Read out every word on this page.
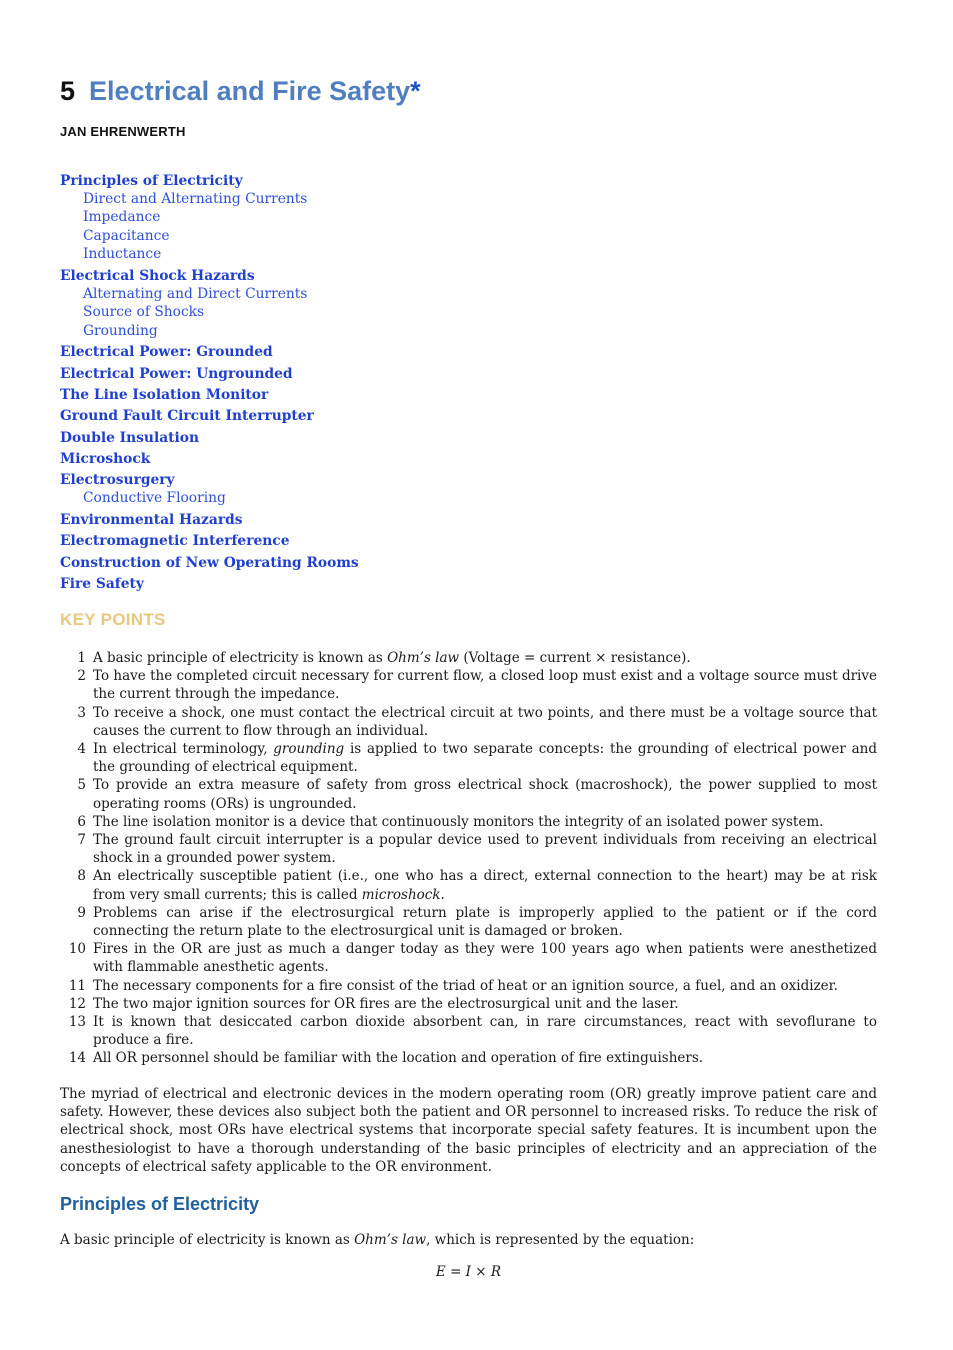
5 Electrical and Fire Safety*
JAN EHRENWERTH
Principles of Electricity
Direct and Alternating Currents
Impedance
Capacitance
Inductance
Electrical Shock Hazards
Alternating and Direct Currents
Source of Shocks
Grounding
Electrical Power: Grounded
Electrical Power: Ungrounded
The Line Isolation Monitor
Ground Fault Circuit Interrupter
Double Insulation
Microshock
Electrosurgery
Conductive Flooring
Environmental Hazards
Electromagnetic Interference
Construction of New Operating Rooms
Fire Safety
KEY POINTS
1 A basic principle of electricity is known as Ohm’s law (Voltage = current × resistance).
2 To have the completed circuit necessary for current flow, a closed loop must exist and a voltage source must drive the current through the impedance.
3 To receive a shock, one must contact the electrical circuit at two points, and there must be a voltage source that causes the current to flow through an individual.
4 In electrical terminology, grounding is applied to two separate concepts: the grounding of electrical power and the grounding of electrical equipment.
5 To provide an extra measure of safety from gross electrical shock (macroshock), the power supplied to most operating rooms (ORs) is ungrounded.
6 The line isolation monitor is a device that continuously monitors the integrity of an isolated power system.
7 The ground fault circuit interrupter is a popular device used to prevent individuals from receiving an electrical shock in a grounded power system.
8 An electrically susceptible patient (i.e., one who has a direct, external connection to the heart) may be at risk from very small currents; this is called microshock.
9 Problems can arise if the electrosurgical return plate is improperly applied to the patient or if the cord connecting the return plate to the electrosurgical unit is damaged or broken.
10 Fires in the OR are just as much a danger today as they were 100 years ago when patients were anesthetized with flammable anesthetic agents.
11 The necessary components for a fire consist of the triad of heat or an ignition source, a fuel, and an oxidizer.
12 The two major ignition sources for OR fires are the electrosurgical unit and the laser.
13 It is known that desiccated carbon dioxide absorbent can, in rare circumstances, react with sevoflurane to produce a fire.
14 All OR personnel should be familiar with the location and operation of fire extinguishers.
The myriad of electrical and electronic devices in the modern operating room (OR) greatly improve patient care and safety. However, these devices also subject both the patient and OR personnel to increased risks. To reduce the risk of electrical shock, most ORs have electrical systems that incorporate special safety features. It is incumbent upon the anesthesiologist to have a thorough understanding of the basic principles of electricity and an appreciation of the concepts of electrical safety applicable to the OR environment.
Principles of Electricity
A basic principle of electricity is known as Ohm’s law, which is represented by the equation:
E = I × R
